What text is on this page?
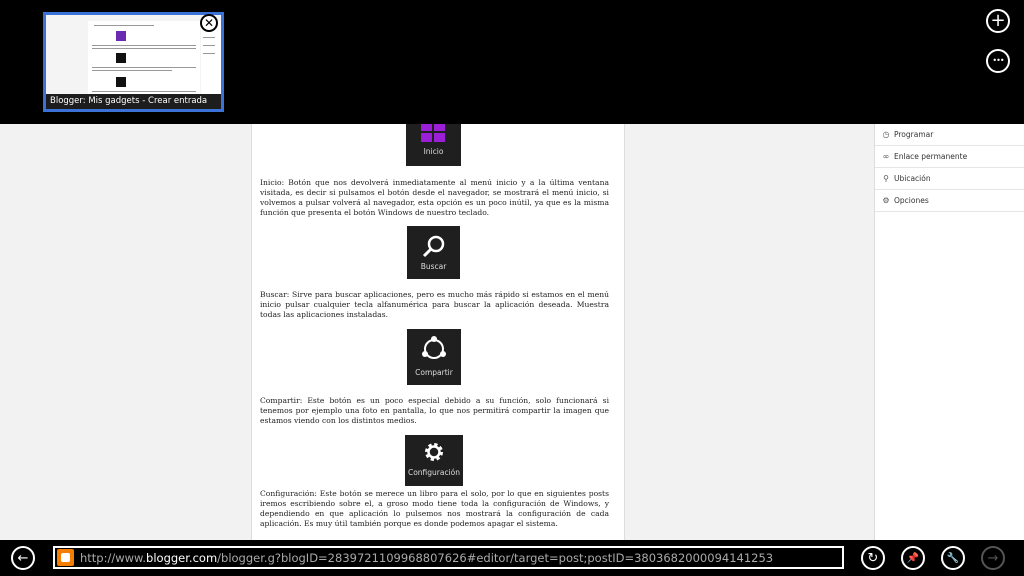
Blogger: Mis gadgets - Crear entrada
✕	+
•••
Inicio
Inicio: Botón que nos devolverá inmediatamente al menú inicio y a la última ventana visitada, es decir si pulsamos el botón desde el navegador, se mostrará el menú inicio, si volvemos a pulsar volverá al navegador, esta opción es un poco inútil, ya que es la misma función que presenta el botón Windows de nuestro teclado.
Buscar
Buscar: Sirve para buscar aplicaciones, pero es mucho más rápido si estamos en el menú inicio pulsar cualquier tecla alfanumérica para buscar la aplicación deseada. Muestra todas las aplicaciones instaladas.
Compartir
Compartir: Este botón es un poco especial debido a su función, solo funcionará si tenemos por ejemplo una foto en pantalla, lo que nos permitirá compartir la imagen que estamos viendo con los distintos medios.
Configuración
Configuración: Este botón se merece un libro para el solo, por lo que en siguientes posts iremos escribiendo sobre el, a groso modo tiene toda la configuración de Windows, y dependiendo en que aplicación lo pulsemos nos mostrará la configuración de cada aplicación. Es muy útil también porque es donde podemos apagar el sistema.
◷ Programar
∞ Enlace permanente
⚲ Ubicación
⚙ Opciones
←	http://www.blogger.com/blogger.g?blogID=2839721109968807626#editor/target=post;postID=3803682000094141253	↻	📌	🔧	→
